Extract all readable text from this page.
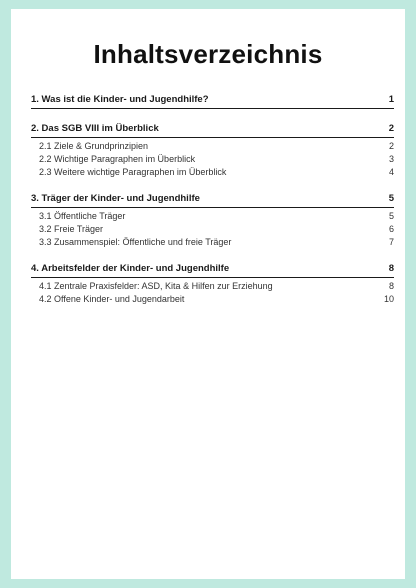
Inhaltsverzeichnis
1. Was ist die Kinder- und Jugendhilfe?	1
2. Das SGB VIII im Überblick	2
2.1 Ziele & Grundprinzipien	2
2.2 Wichtige Paragraphen im Überblick	3
2.3 Weitere wichtige Paragraphen im Überblick	4
3. Träger der Kinder- und Jugendhilfe	5
3.1 Öffentliche Träger	5
3.2 Freie Träger	6
3.3 Zusammenspiel: Öffentliche und freie Träger	7
4. Arbeitsfelder der Kinder- und Jugendhilfe	8
4.1 Zentrale Praxisfelder: ASD, Kita & Hilfen zur Erziehung	8
4.2 Offene Kinder- und Jugendarbeit	10
